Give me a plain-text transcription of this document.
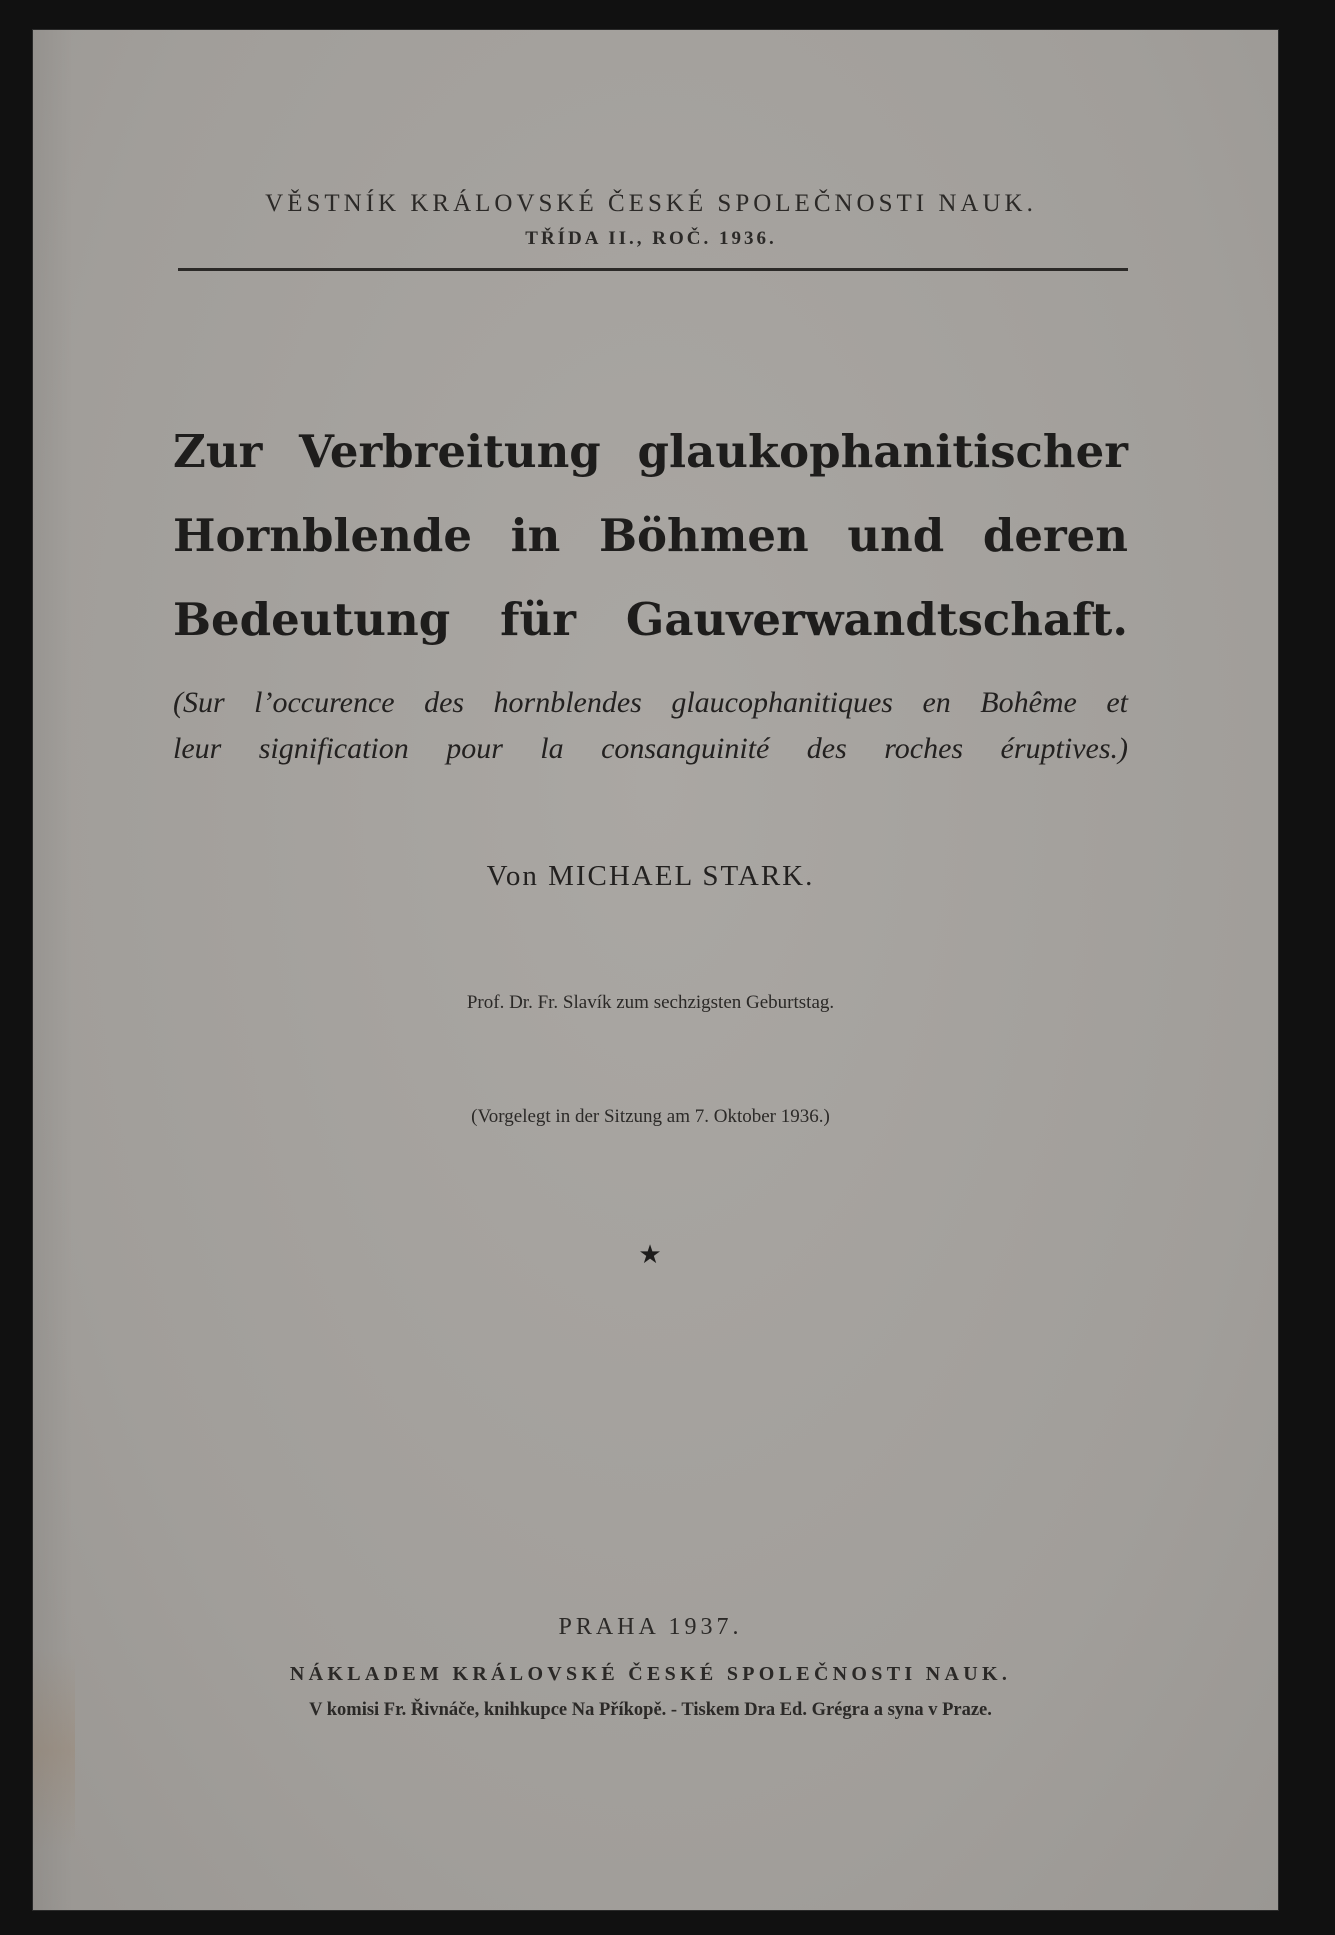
VĚSTNÍK KRÁLOVSKÉ ČESKÉ SPOLEČNOSTI NAUK.
TŘÍDA II., ROČ. 1936.
Zur Verbreitung glaukophanitischer
Hornblende in Böhmen und deren
Bedeutung für Gauverwandtschaft.
(Sur l’occurence des hornblendes glaucophanitiques en Bohême et
leur signification pour la consanguinité des roches éruptives.)
Von MICHAEL STARK.
Prof. Dr. Fr. Slavík zum sechzigsten Geburtstag.
(Vorgelegt in der Sitzung am 7. Oktober 1936.)
★
PRAHA 1937.
NÁKLADEM KRÁLOVSKÉ ČESKÉ SPOLEČNOSTI NAUK.
V komisi Fr. Řivnáče, knihkupce Na Příkopě. - Tiskem Dra Ed. Grégra a syna v Praze.
